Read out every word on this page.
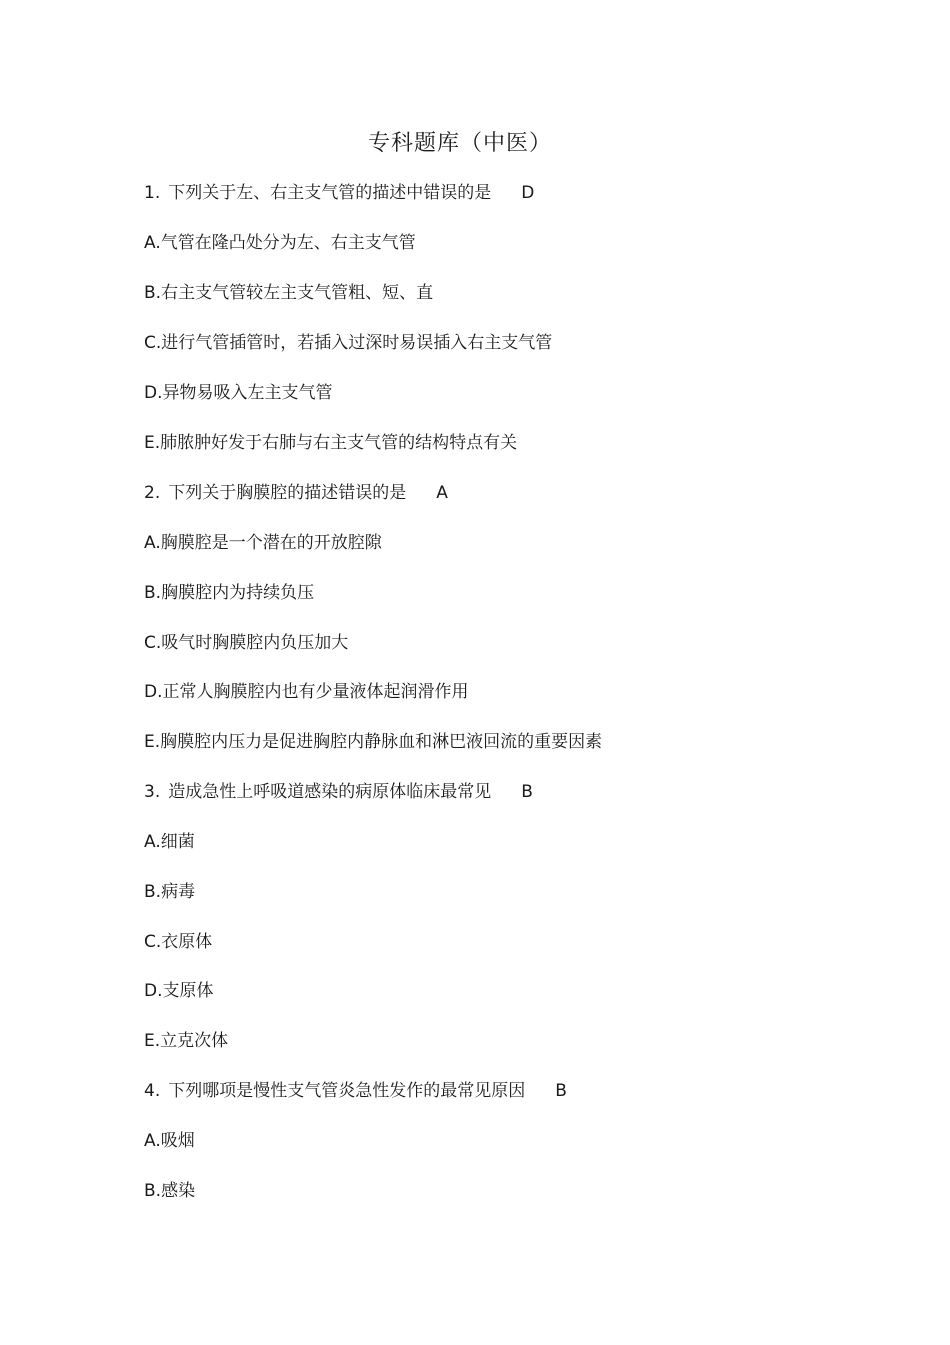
专科题库（中医）
1. 下列关于左、右主支气管的描述中错误的是 D
A.气管在隆凸处分为左、右主支气管
B.右主支气管较左主支气管粗、短、直
C.进行气管插管时，若插入过深时易误插入右主支气管
D.异物易吸入左主支气管
E.肺脓肿好发于右肺与右主支气管的结构特点有关
2. 下列关于胸膜腔的描述错误的是 A
A.胸膜腔是一个潜在的开放腔隙
B.胸膜腔内为持续负压
C.吸气时胸膜腔内负压加大
D.正常人胸膜腔内也有少量液体起润滑作用
E.胸膜腔内压力是促进胸腔内静脉血和淋巴液回流的重要因素
3. 造成急性上呼吸道感染的病原体临床最常见 B
A.细菌
B.病毒
C.衣原体
D.支原体
E.立克次体
4. 下列哪项是慢性支气管炎急性发作的最常见原因 B
A.吸烟
B.感染
